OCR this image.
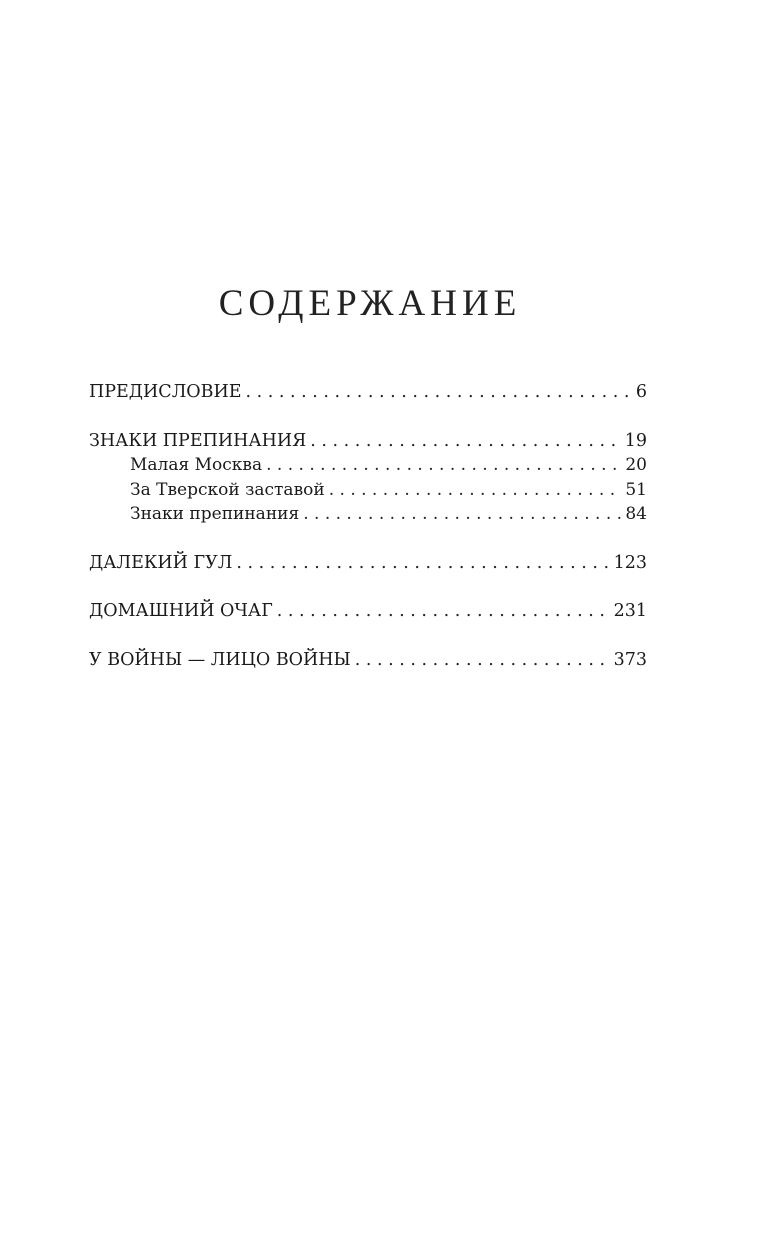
СОДЕРЖАНИЕ
ПРЕДИСЛОВИЕ . . .	6
ЗНАКИ ПРЕПИНАНИЯ . . .	19
Малая Москва . . .	20
За Тверской заставой . . .	51
Знаки препинания . . .	84
ДАЛЕКИЙ ГУЛ . . .	123
ДОМАШНИЙ ОЧАГ . . .	231
У ВОЙНЫ — ЛИЦО ВОЙНЫ . . .	373
